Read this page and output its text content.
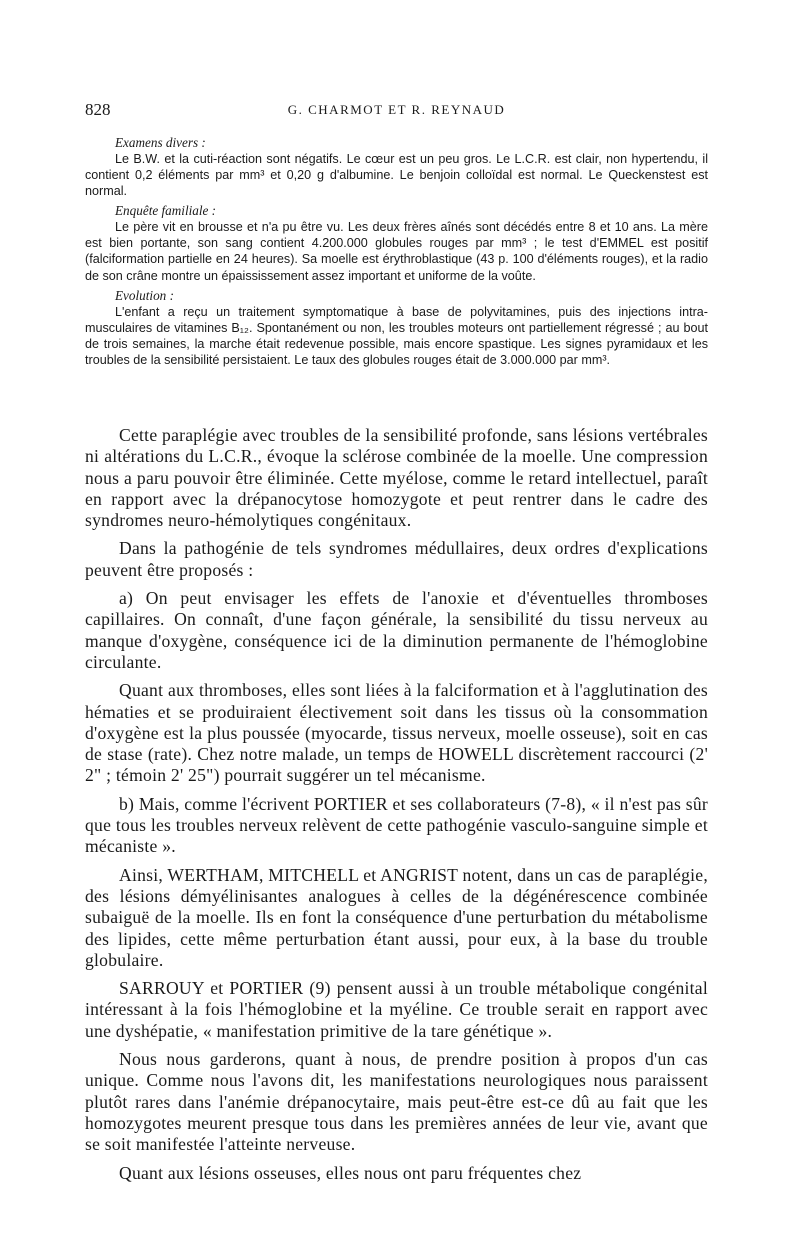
828	G. CHARMOT ET R. REYNAUD

Examens divers :

Le B.W. et la cuti-réaction sont négatifs. Le cœur est un peu gros. Le L.C.R. est clair, non hypertendu, il contient 0,2 éléments par mm³ et 0,20 g d'albumine. Le benjoin colloïdal est normal. Le Queckenstest est normal.

Enquête familiale :

Le père vit en brousse et n'a pu être vu. Les deux frères aînés sont décédés entre 8 et 10 ans. La mère est bien portante, son sang contient 4.200.000 globules rouges par mm³ ; le test d'EMMEL est positif (falciformation partielle en 24 heures). Sa moelle est érythroblastique (43 p. 100 d'éléments rouges), et la radio de son crâne montre un épaississement assez important et uniforme de la voûte.

Evolution :

L'enfant a reçu un traitement symptomatique à base de polyvitamines, puis des injections intra-musculaires de vitamines B₁₂. Spontanément ou non, les troubles moteurs ont partiellement régressé ; au bout de trois semaines, la marche était redevenue possible, mais encore spastique. Les signes pyramidaux et les troubles de la sensibilité persistaient. Le taux des globules rouges était de 3.000.000 par mm³.

Cette paraplégie avec troubles de la sensibilité profonde, sans lésions vertébrales ni altérations du L.C.R., évoque la sclérose combinée de la moelle. Une compression nous a paru pouvoir être éliminée. Cette myélose, comme le retard intellectuel, paraît en rapport avec la drépanocytose homozygote et peut rentrer dans le cadre des syndromes neuro-hémolytiques congénitaux.

Dans la pathogénie de tels syndromes médullaires, deux ordres d'explications peuvent être proposés :

a) On peut envisager les effets de l'anoxie et d'éventuelles thromboses capillaires. On connaît, d'une façon générale, la sensibilité du tissu nerveux au manque d'oxygène, conséquence ici de la diminution permanente de l'hémoglobine circulante.

Quant aux thromboses, elles sont liées à la falciformation et à l'agglutination des hématies et se produiraient électivement soit dans les tissus où la consommation d'oxygène est la plus poussée (myocarde, tissus nerveux, moelle osseuse), soit en cas de stase (rate). Chez notre malade, un temps de HOWELL discrètement raccourci (2' 2" ; témoin 2' 25") pourrait suggérer un tel mécanisme.

b) Mais, comme l'écrivent PORTIER et ses collaborateurs (7-8), « il n'est pas sûr que tous les troubles nerveux relèvent de cette pathogénie vasculo-sanguine simple et mécaniste ».

Ainsi, WERTHAM, MITCHELL et ANGRIST notent, dans un cas de paraplégie, des lésions démyélinisantes analogues à celles de la dégénérescence combinée subaiguë de la moelle. Ils en font la conséquence d'une perturbation du métabolisme des lipides, cette même perturbation étant aussi, pour eux, à la base du trouble globulaire.

SARROUY et PORTIER (9) pensent aussi à un trouble métabolique congénital intéressant à la fois l'hémoglobine et la myéline. Ce trouble serait en rapport avec une dyshépatie, « manifestation primitive de la tare génétique ».

Nous nous garderons, quant à nous, de prendre position à propos d'un cas unique. Comme nous l'avons dit, les manifestations neurologiques nous paraissent plutôt rares dans l'anémie drépanocytaire, mais peut-être est-ce dû au fait que les homozygotes meurent presque tous dans les premières années de leur vie, avant que se soit manifestée l'atteinte nerveuse.

Quant aux lésions osseuses, elles nous ont paru fréquentes chez
